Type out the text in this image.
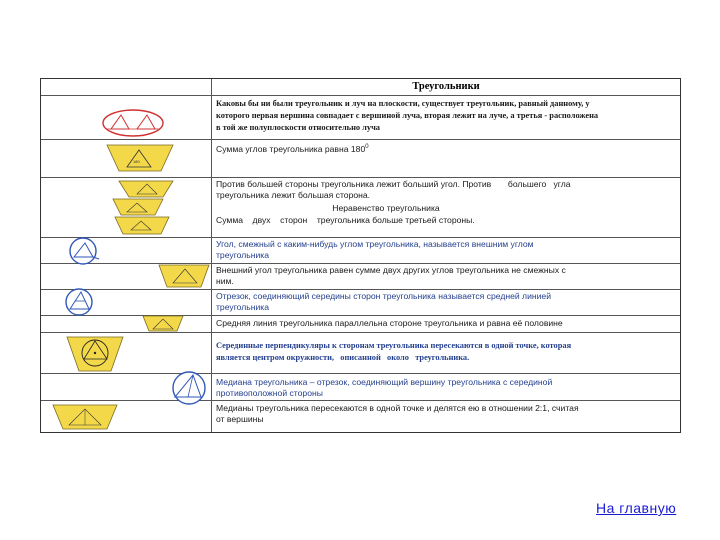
Треугольники
Каковы бы ни были треугольник и луч на плоскости, существует треугольник, равный данному, у
которого первая вершина совпадает с вершиной луча, вторая лежит на луче, а третья - расположена
в той же полуплоскости относительно луча
Сумма углов треугольника равна $180^0$
Против большей стороны треугольника лежит больший угол. Против       большего   угла
треугольника лежит большая сторона.
Неравенство треугольника
Сумма    двух    сторон    треугольника больше третьей стороны.
Угол, смежный с каким-нибудь углом треугольника, называется внешним углом
треугольника
Внешний угол треугольника равен сумме двух других углов треугольника не смежных с
ним.
Отрезок, соединяющий середины сторон треугольника называется средней линией
треугольника
Средняя линия треугольника параллельна стороне треугольника и равна её половине
Серединные перпендикуляры к сторонам треугольника пересекаются в одной точке, которая
является центром окружности,   описанной   около   треугольника.
Медиана треугольника – отрезок, соединяющий вершину треугольника с серединой
противоположной стороны
Медианы треугольника пересекаются в одной точке и делятся ею в отношении 2:1, считая
от вершины
180
На главную
